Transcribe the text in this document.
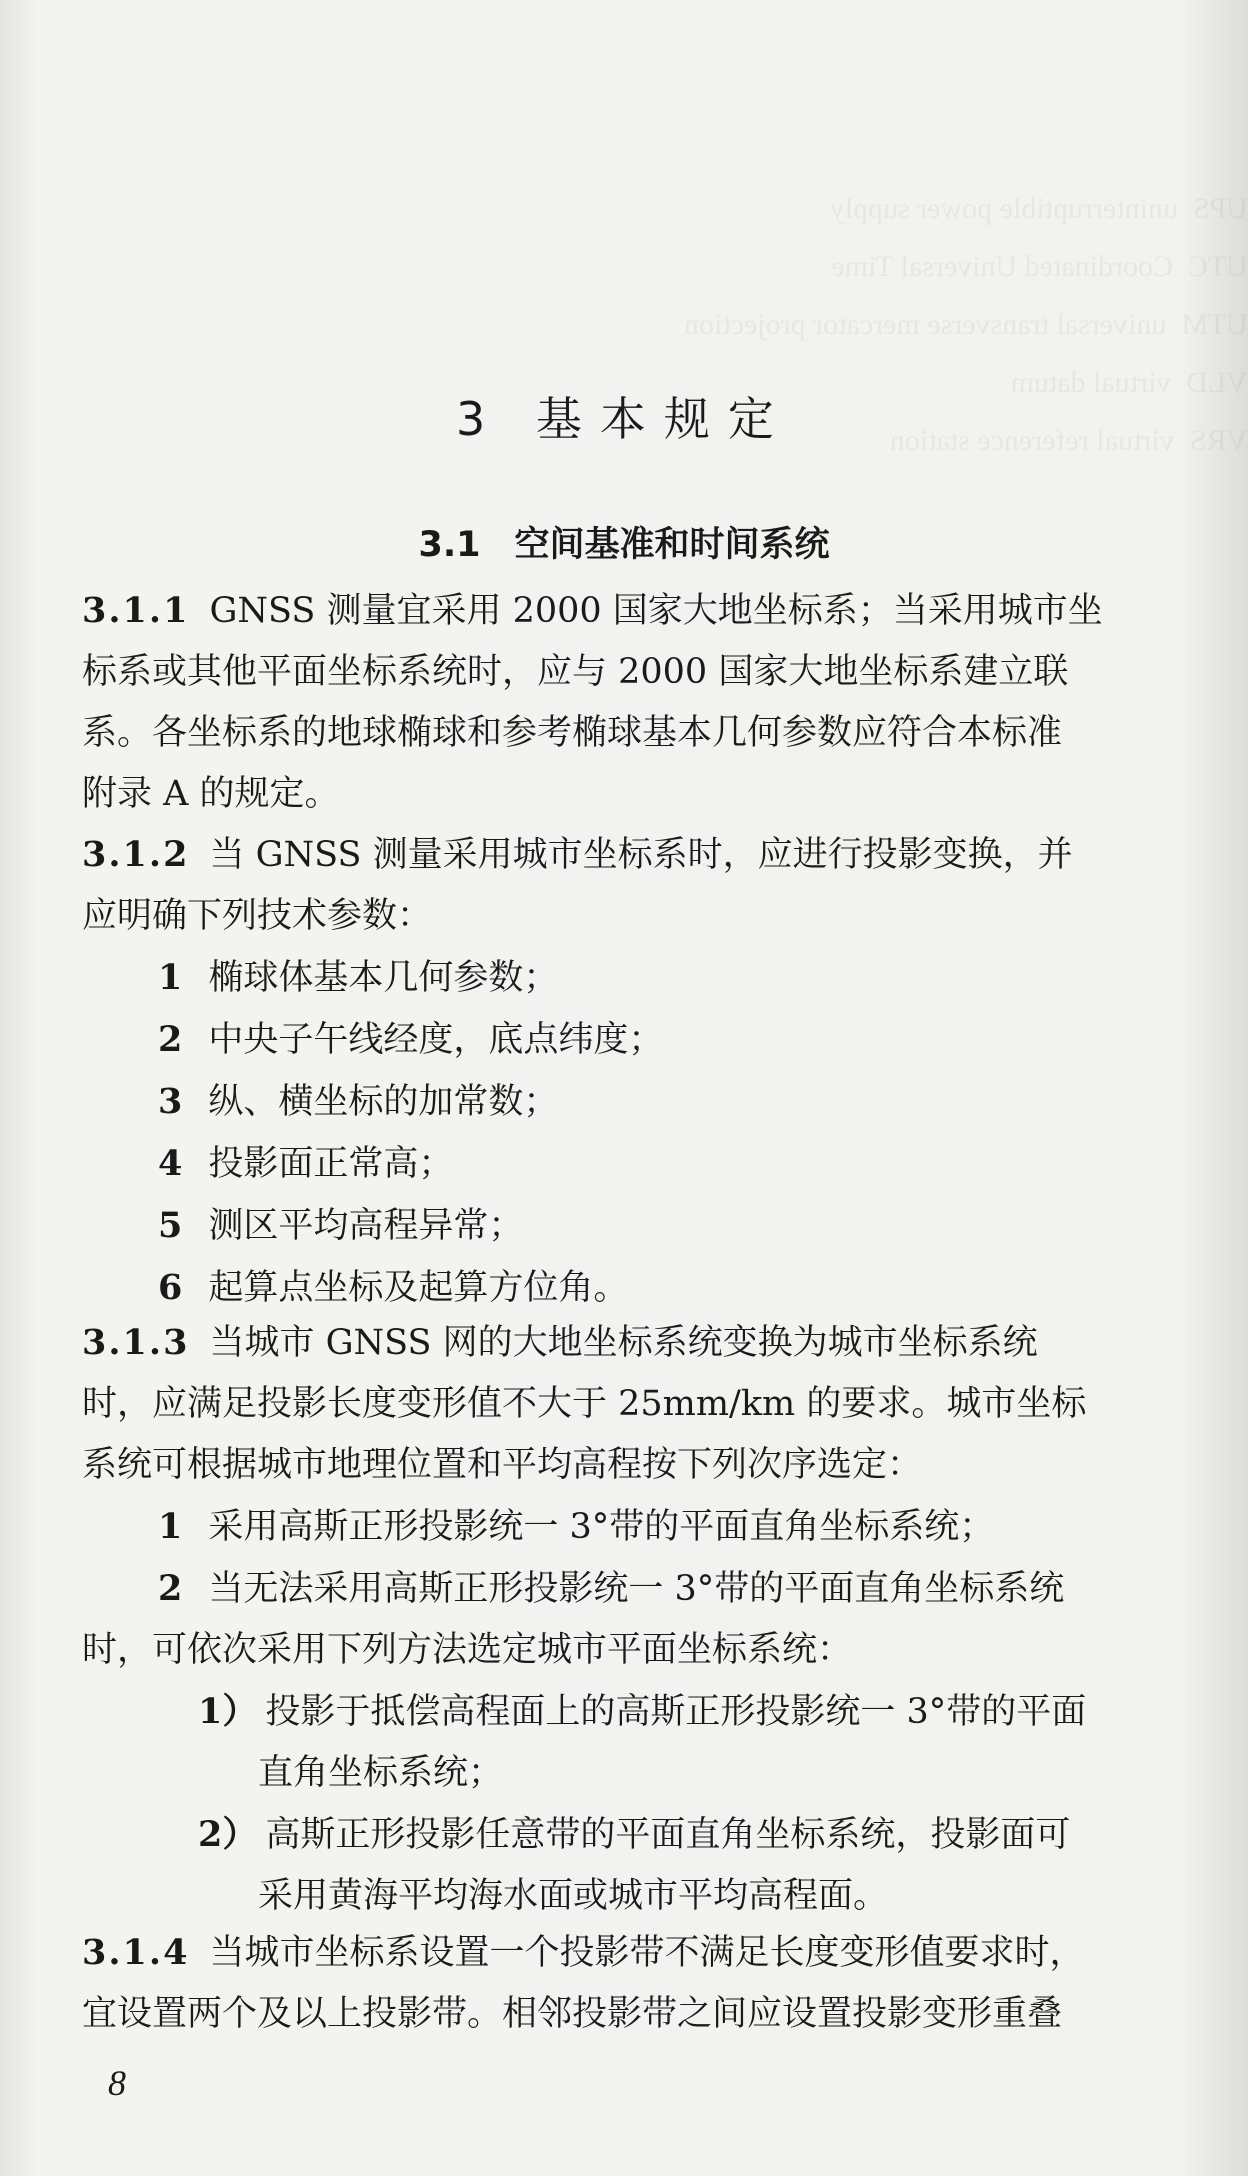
3 基本规定
3.1 空间基准和时间系统
3.1.1 GNSS 测量宜采用 2000 国家大地坐标系；当采用城市坐
标系或其他平面坐标系统时，应与 2000 国家大地坐标系建立联
系。各坐标系的地球椭球和参考椭球基本几何参数应符合本标准
附录 A 的规定。
3.1.2 当 GNSS 测量采用城市坐标系时，应进行投影变换，并
应明确下列技术参数：
1 椭球体基本几何参数；
2 中央子午线经度，底点纬度；
3 纵、横坐标的加常数；
4 投影面正常高；
5 测区平均高程异常；
6 起算点坐标及起算方位角。
3.1.3 当城市 GNSS 网的大地坐标系统变换为城市坐标系统
时，应满足投影长度变形值不大于 25mm/km 的要求。城市坐标
系统可根据城市地理位置和平均高程按下列次序选定：
1 采用高斯正形投影统一 3°带的平面直角坐标系统；
2 当无法采用高斯正形投影统一 3°带的平面直角坐标系统
时，可依次采用下列方法选定城市平面坐标系统：
1） 投影于抵偿高程面上的高斯正形投影统一 3°带的平面
直角坐标系统；
2） 高斯正形投影任意带的平面直角坐标系统，投影面可
采用黄海平均海水面或城市平均高程面。
3.1.4 当城市坐标系设置一个投影带不满足长度变形值要求时，
宜设置两个及以上投影带。相邻投影带之间应设置投影变形重叠
8
